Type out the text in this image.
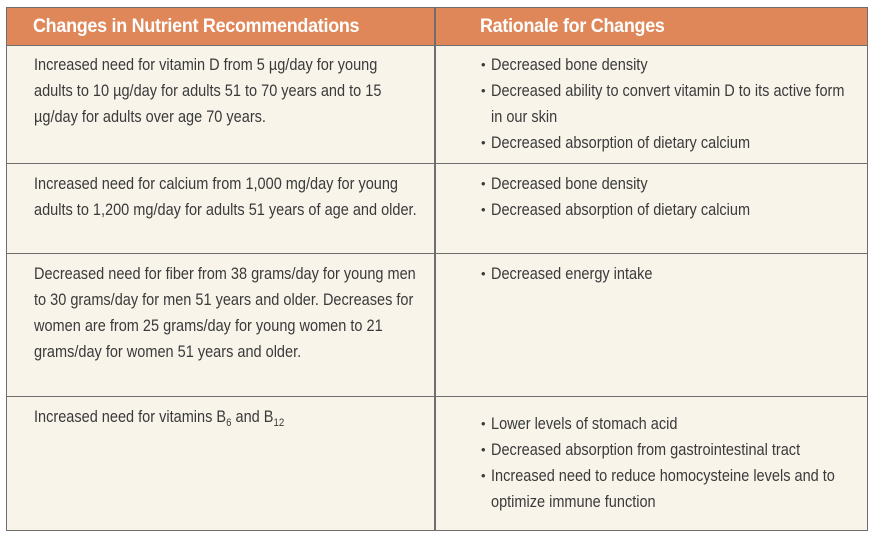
Changes in Nutrient Recommendations	Rationale for Changes
Increased need for vitamin D from 5 µg/day for young adults to 10 µg/day for adults 51 to 70 years and to 15 µg/day for adults over age 70 years.
• Decreased bone density
• Decreased ability to convert vitamin D to its active form in our skin
• Decreased absorption of dietary calcium
Increased need for calcium from 1,000 mg/day for young adults to 1,200 mg/day for adults 51 years of age and older.
• Decreased bone density
• Decreased absorption of dietary calcium
Decreased need for fiber from 38 grams/day for young men to 30 grams/day for men 51 years and older. Decreases for women are from 25 grams/day for young women to 21 grams/day for women 51 years and older.
• Decreased energy intake
Increased need for vitamins $B_6$ and $B_{12}$
•	Lower levels of stomach acid
• Decreased absorption from gastrointestinal tract
• Increased need to reduce homocysteine levels and to optimize immune function
